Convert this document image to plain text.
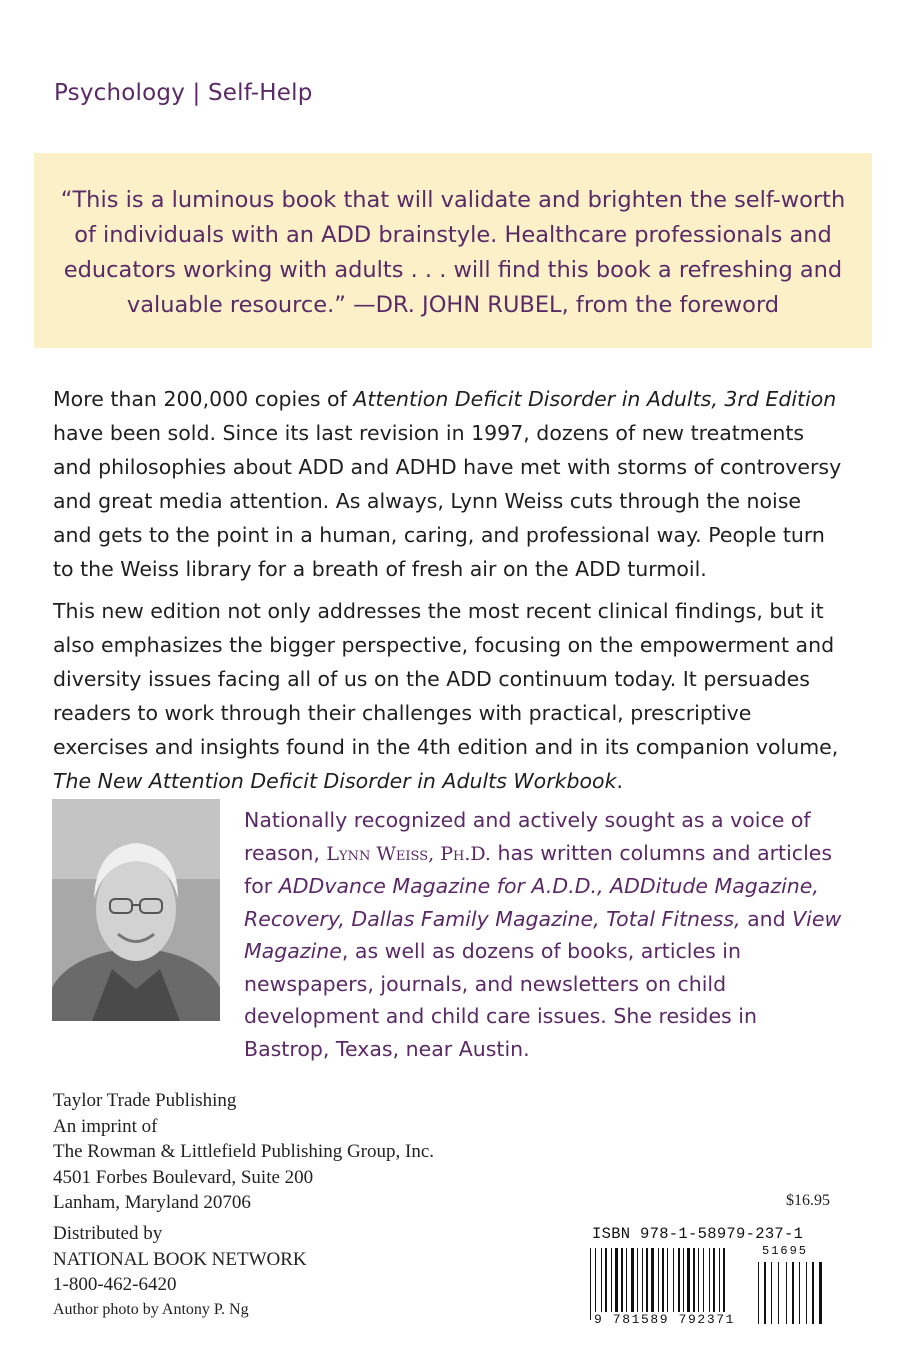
Psychology | Self-Help
“This is a luminous book that will validate and brighten the self-worth of individuals with an ADD brainstyle. Healthcare professionals and educators working with adults . . . will find this book a refreshing and valuable resource.” —DR. JOHN RUBEL, from the foreword
More than 200,000 copies of Attention Deficit Disorder in Adults, 3rd Edition have been sold. Since its last revision in 1997, dozens of new treatments and philosophies about ADD and ADHD have met with storms of controversy and great media attention. As always, Lynn Weiss cuts through the noise and gets to the point in a human, caring, and professional way. People turn to the Weiss library for a breath of fresh air on the ADD turmoil.
This new edition not only addresses the most recent clinical findings, but it also emphasizes the bigger perspective, focusing on the empowerment and diversity issues facing all of us on the ADD continuum today. It persuades readers to work through their challenges with practical, prescriptive exercises and insights found in the 4th edition and in its companion volume, The New Attention Deficit Disorder in Adults Workbook.
Nationally recognized and actively sought as a voice of reason, Lynn Weiss, Ph.D. has written columns and articles for ADDvance Magazine for A.D.D., ADDitude Magazine, Recovery, Dallas Family Magazine, Total Fitness, and View Magazine, as well as dozens of books, articles in newspapers, journals, and newsletters on child development and child care issues. She resides in Bastrop, Texas, near Austin.
Taylor Trade Publishing
An imprint of
The Rowman & Littlefield Publishing Group, Inc.
4501 Forbes Boulevard, Suite 200
Lanham, Maryland 20706
Distributed by
NATIONAL BOOK NETWORK
1-800-462-6420
Author photo by Antony P. Ng
$16.95
ISBN 978-1-58979-237-1
9 781589 792371
51695
